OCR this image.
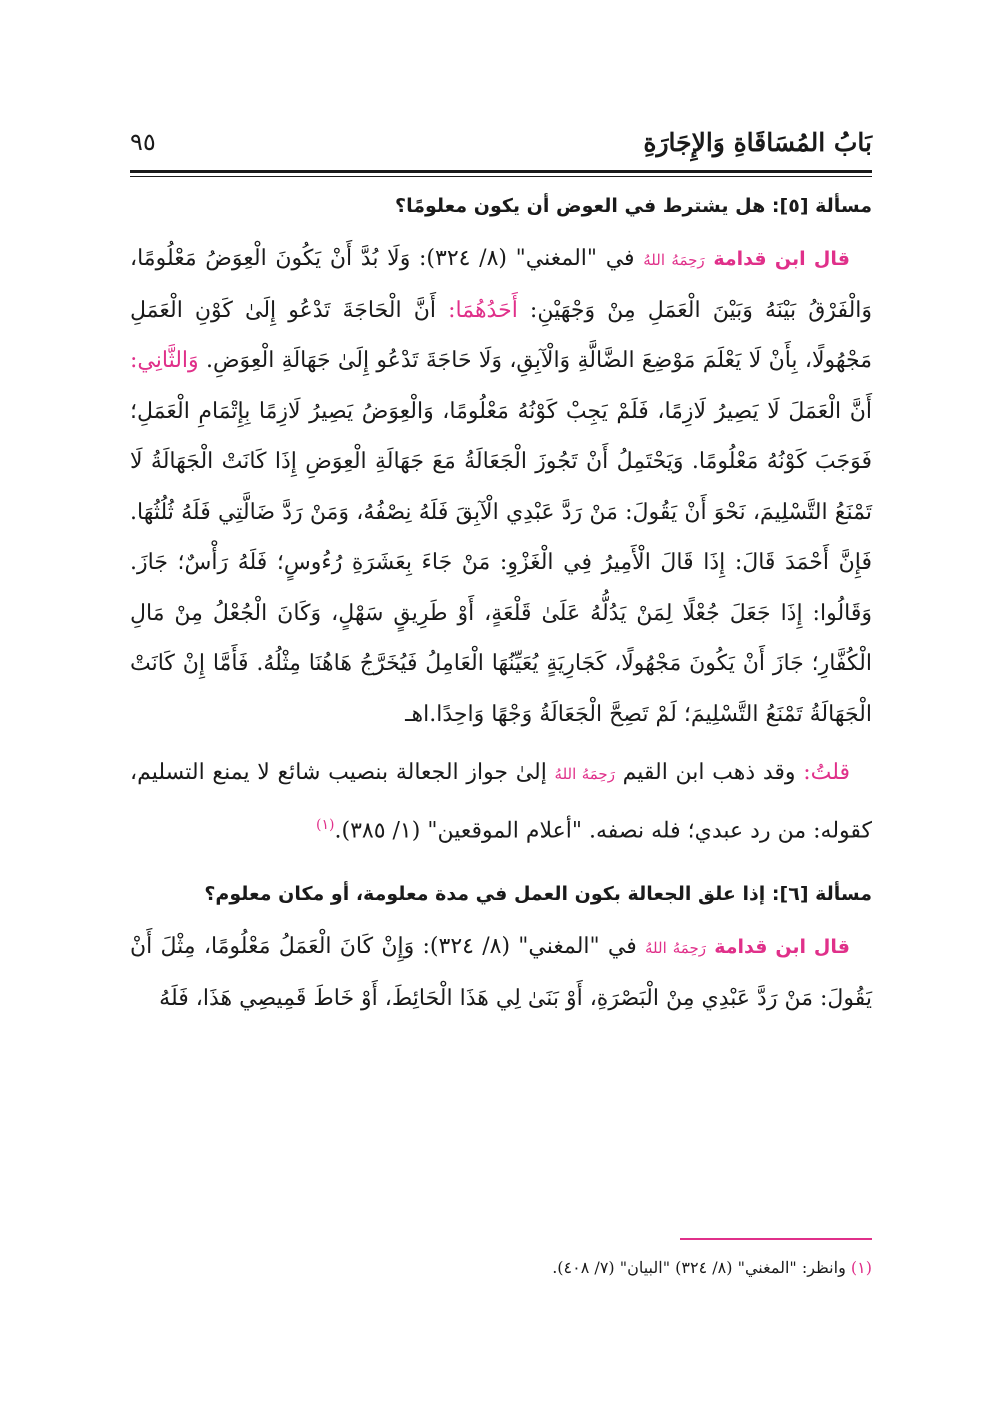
بَابُ المُسَاقَاةِ وَالإِجَارَةِ
٩٥
مسألة [٥]: هل يشترط في العوض أن يكون معلومًا؟

قال ابن قدامة رَحِمَهُ اللهُ في "المغني" (٨/ ٣٢٤): وَلَا بُدَّ أَنْ يَكُونَ الْعِوَضُ مَعْلُومًا، وَالْفَرْقُ بَيْنَهُ وَبَيْنَ الْعَمَلِ مِنْ وَجْهَيْنِ: أَحَدُهُمَا: أَنَّ الْحَاجَةَ تَدْعُو إِلَىٰ كَوْنِ الْعَمَلِ مَجْهُولًا، بِأَنْ لَا يَعْلَمَ مَوْضِعَ الضَّالَّةِ وَالْآبِقِ، وَلَا حَاجَةَ تَدْعُو إِلَىٰ جَهَالَةِ الْعِوَضِ. وَالثَّانِي: أَنَّ الْعَمَلَ لَا يَصِيرُ لَازِمًا، فَلَمْ يَجِبْ كَوْنُهُ مَعْلُومًا، وَالْعِوَضُ يَصِيرُ لَازِمًا بِإِتْمَامِ الْعَمَلِ؛ فَوَجَبَ كَوْنُهُ مَعْلُومًا. وَيَحْتَمِلُ أَنْ تَجُوزَ الْجَعَالَةُ مَعَ جَهَالَةِ الْعِوَضِ إِذَا كَانَتْ الْجَهَالَةُ لَا تَمْنَعُ التَّسْلِيمَ، نَحْوَ أَنْ يَقُولَ: مَنْ رَدَّ عَبْدِي الْآبِقَ فَلَهُ نِصْفُهُ، وَمَنْ رَدَّ ضَالَّتِي فَلَهُ ثُلُثُهَا. فَإِنَّ أَحْمَدَ قَالَ: إِذَا قَالَ الْأَمِيرُ فِي الْغَزْوِ: مَنْ جَاءَ بِعَشَرَةِ رُءُوسٍ؛ فَلَهُ رَأْسٌ؛ جَازَ. وَقَالُوا: إِذَا جَعَلَ جُعْلًا لِمَنْ يَدُلُّهُ عَلَىٰ قَلْعَةٍ، أَوْ طَرِيقٍ سَهْلٍ، وَكَانَ الْجُعْلُ مِنْ مَالِ الْكُفَّارِ؛ جَازَ أَنْ يَكُونَ مَجْهُولًا، كَجَارِيَةٍ يُعَيِّنُهَا الْعَامِلُ فَيُخَرَّجُ هَاهُنَا مِثْلُهُ. فَأَمَّا إِنْ كَانَتْ الْجَهَالَةُ تَمْنَعُ التَّسْلِيمَ؛ لَمْ تَصِحَّ الْجَعَالَةُ وَجْهًا وَاحِدًا.اهـ

قلتُ: وقد ذهب ابن القيم رَحِمَهُ اللهُ إلىٰ جواز الجعالة بنصيب شائع لا يمنع التسليم، كقوله: من رد عبدي؛ فله نصفه. "أعلام الموقعين" (١/ ٣٨٥).$^{(١)}$

مسألة [٦]: إذا علق الجعالة بكون العمل في مدة معلومة، أو مكان معلوم؟

قال ابن قدامة رَحِمَهُ اللهُ في "المغني" (٨/ ٣٢٤): وَإِنْ كَانَ الْعَمَلُ مَعْلُومًا، مِثْلَ أَنْ يَقُولَ: مَنْ رَدَّ عَبْدِي مِنْ الْبَصْرَةِ، أَوْ بَنَىٰ لِي هَذَا الْحَائِطَ، أَوْ خَاطَ قَمِيصِي هَذَا، فَلَهُ

(١) وانظر: "المغني" (٨/ ٣٢٤) "البيان" (٧/ ٤٠٨).
